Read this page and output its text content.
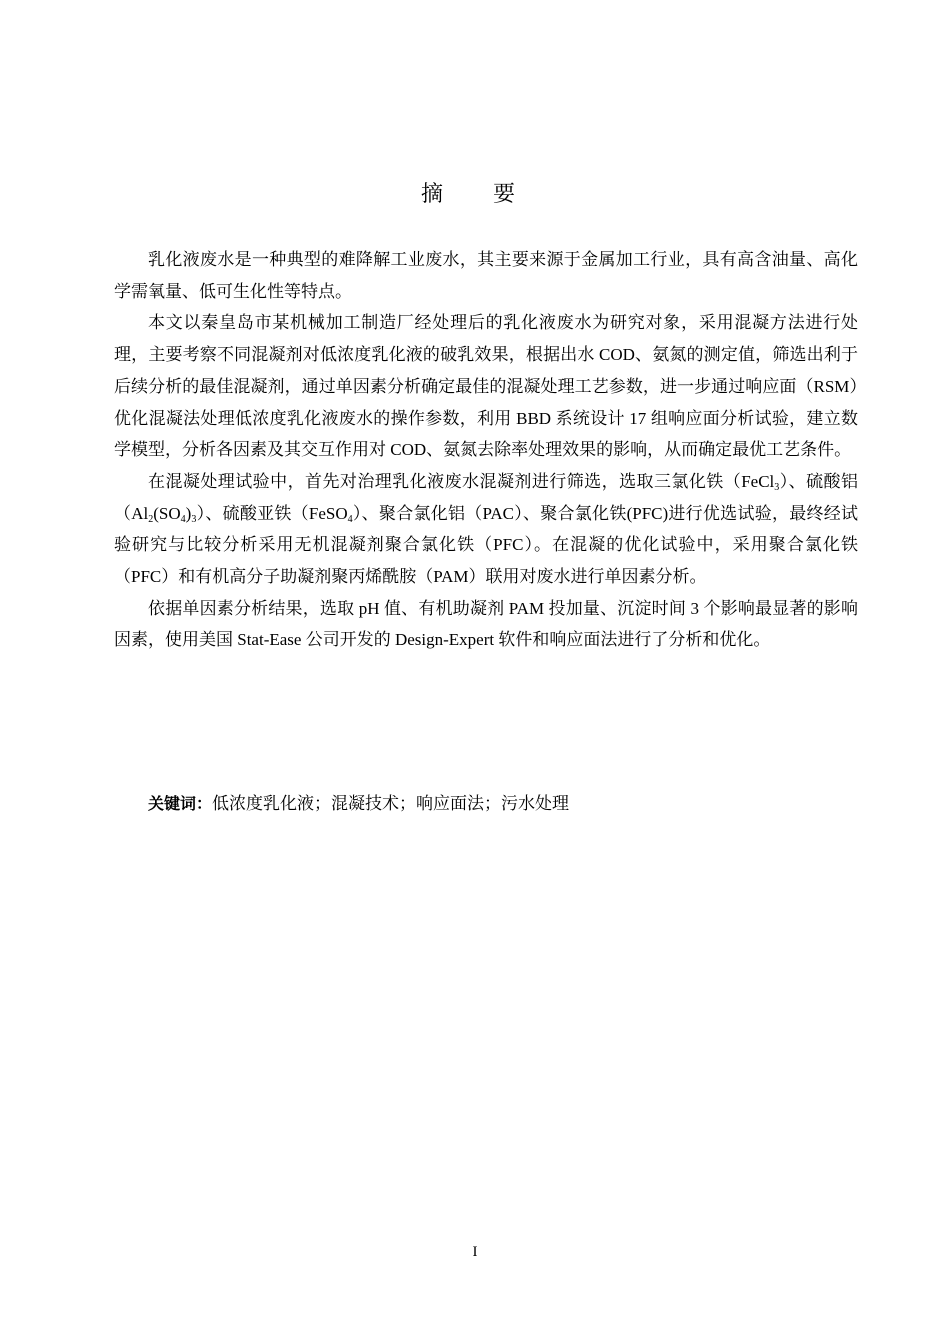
摘　要

乳化液废水是一种典型的难降解工业废水，其主要来源于金属加工行业，具有高含油量、高化学需氧量、低可生化性等特点。

本文以秦皇岛市某机械加工制造厂经处理后的乳化液废水为研究对象，采用混凝方法进行处理，主要考察不同混凝剂对低浓度乳化液的破乳效果，根据出水 COD、氨氮的测定值，筛选出利于后续分析的最佳混凝剂，通过单因素分析确定最佳的混凝处理工艺参数，进一步通过响应面（RSM）优化混凝法处理低浓度乳化液废水的操作参数，利用 BBD 系统设计 17 组响应面分析试验，建立数学模型，分析各因素及其交互作用对 COD、氨氮去除率处理效果的影响，从而确定最优工艺条件。

在混凝处理试验中，首先对治理乳化液废水混凝剂进行筛选，选取三氯化铁（FeCl$_3$）、硫酸铝$(Al_2(SO_4)_3)$、硫酸亚铁（FeSO$_4$）、聚合氯化铝（PAC）、聚合氯化铁(PFC)进行优选试验，最终经试验研究与比较分析采用无机混凝剂聚合氯化铁（PFC）。在混凝的优化试验中，采用聚合氯化铁（PFC）和有机高分子助凝剂聚丙烯酰胺（PAM）联用对废水进行单因素分析。

依据单因素分析结果，选取 pH 值、有机助凝剂 PAM 投加量、沉淀时间 3 个影响最显著的影响因素，使用美国 Stat-Ease 公司开发的 Design-Expert 软件和响应面法进行了分析和优化。

关键词：低浓度乳化液；混凝技术；响应面法；污水处理
I
